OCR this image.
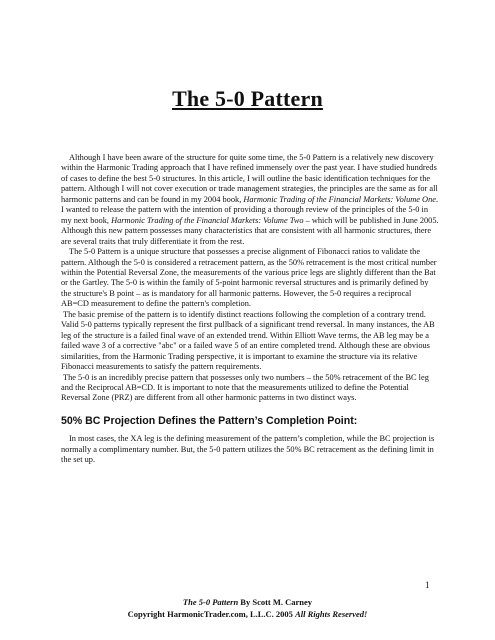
The 5-0 Pattern

Although I have been aware of the structure for quite some time, the 5-0 Pattern is a relatively new discovery within the Harmonic Trading approach that I have refined immensely over the past year. I have studied hundreds of cases to define the best 5-0 structures. In this article, I will outline the basic identification techniques for the pattern. Although I will not cover execution or trade management strategies, the principles are the same as for all harmonic patterns and can be found in my 2004 book, Harmonic Trading of the Financial Markets: Volume One. I wanted to release the pattern with the intention of providing a thorough review of the principles of the 5-0 in my next book, Harmonic Trading of the Financial Markets: Volume Two – which will be published in June 2005. Although this new pattern possesses many characteristics that are consistent with all harmonic structures, there are several traits that truly differentiate it from the rest.

The 5-0 Pattern is a unique structure that possesses a precise alignment of Fibonacci ratios to validate the pattern. Although the 5-0 is considered a retracement pattern, as the 50% retracement is the most critical number within the Potential Reversal Zone, the measurements of the various price legs are slightly different than the Bat or the Gartley. The 5-0 is within the family of 5-point harmonic reversal structures and is primarily defined by the structure's B point – as is mandatory for all harmonic patterns. However, the 5-0 requires a reciprocal AB=CD measurement to define the pattern's completion.

The basic premise of the pattern is to identify distinct reactions following the completion of a contrary trend. Valid 5-0 patterns typically represent the first pullback of a significant trend reversal. In many instances, the AB leg of the structure is a failed final wave of an extended trend. Within Elliott Wave terms, the AB leg may be a failed wave 3 of a corrective "abc" or a failed wave 5 of an entire completed trend. Although these are obvious similarities, from the Harmonic Trading perspective, it is important to examine the structure via its relative Fibonacci measurements to satisfy the pattern requirements.

The 5-0 is an incredibly precise pattern that possesses only two numbers – the 50% retracement of the BC leg and the Reciprocal AB=CD. It is important to note that the measurements utilized to define the Potential Reversal Zone (PRZ) are different from all other harmonic patterns in two distinct ways.

50% BC Projection Defines the Pattern’s Completion Point:

In most cases, the XA leg is the defining measurement of the pattern’s completion, while the BC projection is normally a complimentary number. But, the 5-0 pattern utilizes the 50% BC retracement as the defining limit in the set up.

1
The 5-0 Pattern By Scott M. Carney
Copyright HarmonicTrader.com, L.L.C. 2005 All Rights Reserved!
